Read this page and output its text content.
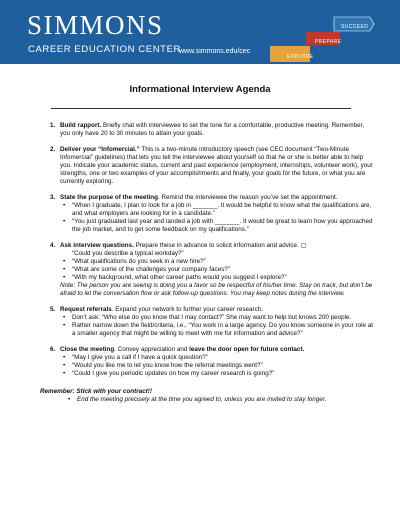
SIMMONS
CAREER EDUCATION CENTER
www.simmons.edu/cec
SUCCEED
PREPARE
EXPLORE
Informational Interview Agenda
1. Build rapport. Briefly chat with interviewee to set the tone for a comfortable, productive meeting. Remember, you only have 20 to 30 minutes to attain your goals.

2. Deliver your “Infomercial.” This is a two-minute introductory speech (see CEC document “Two-Minute Infomercial” guidelines) that lets you tell the interviewee about yourself so that he or she is better able to help you. Indicate your academic status, current and past experience (employment, internships, volunteer work), your strengths, one or two examples of your accomplishments and finally, your goals for the future, or what you are currently exploring.

3. State the purpose of the meeting. Remind the interviewee the reason you’ve set the appointment.

• “When I graduate, I plan to look for a job in _______. It would be helpful to know what the qualifications are, and what employers are looking for in a candidate.”
• “You just graduated last year and landed a job with _______. It would be great to learn how you approached the job market, and to get some feedback on my qualifications.”
4. Ask interview questions. Prepare these in advance to solicit information and advice. ▢

“Could you describe a typical workday?”

• “What qualifications do you seek in a new hire?”
• “What are some of the challenges your company faces?”
• “With my background, what other career paths would you suggest I explore?”

Note: The person you are seeing is doing you a favor so be respectful of his/her time. Stay on track, but don’t be afraid to let the conversation flow or ask follow-up questions. You may keep notes during the interview.

5. Request referrals. Expand your network to further your career research.

• Don’t ask: “Who else do you know that I may contact?” She may want to help but knows 200 people.
• Rather narrow down the field/criteria, i.e., “You work in a large agency. Do you know someone in your role at a smaller agency that might be willing to meet with me for information and advice?”
6. Close the meeting. Convey appreciation and leave the door open for future contact.

• “May I give you a call if I have a quick question?”
• “Would you like me to let you know how the referral meetings went?”
• “Could I give you periodic updates on how my career research is going?”

Remember: Stick with your contract!!

• End the meeting precisely at the time you agreed to, unless you are invited to stay longer.
